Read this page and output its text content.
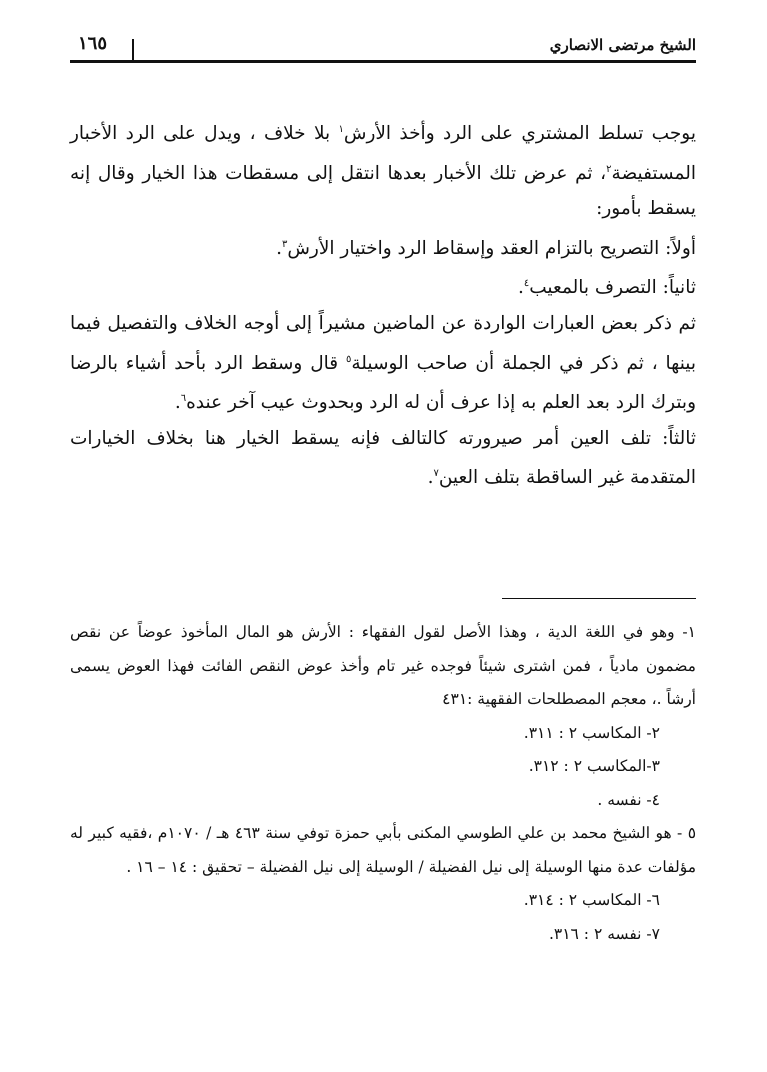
الشيخ مرتضى الانصاري
١٦٥

يوجب تسلط المشتري على الرد وأخذ الأرش$^١$ بلا خلاف ، ويدل على الرد الأخبار المستفيضة$^٢$، ثم عرض تلك الأخبار بعدها انتقل إلى مسقطات هذا الخيار وقال إنه يسقط بأمور:

أولاً: التصريح بالتزام العقد وإسقاط الرد واختيار الأرش$^٣$.

ثانياً: التصرف بالمعيب$^٤$.

ثم ذكر بعض العبارات الواردة عن الماضين مشيراً إلى أوجه الخلاف والتفصيل فيما بينها ، ثم ذكر في الجملة أن صاحب الوسيلة$^٥$ قال وسقط الرد بأحد أشياء بالرضا وبترك الرد بعد العلم به إذا عرف أن له الرد وبحدوث عيب آخر عنده$^٦$.

ثالثاً: تلف العين أمر صيرورته كالتالف فإنه يسقط الخيار هنا بخلاف الخيارات المتقدمة غير الساقطة بتلف العين$^٧$.

١- وهو في اللغة الدية ، وهذا الأصل لقول الفقهاء : الأرش هو المال المأخوذ عوضاً عن نقص مضمون مادياً ، فمن اشترى شيئاً فوجده غير تام وأخذ عوض النقص الفائت فهذا العوض يسمى أرشاً .، معجم المصطلحات الفقهية :٤٣١

٢- المكاسب ٢ : ٣١١.

٣-المكاسب ٢ : ٣١٢.

٤- نفسه .

٥ - هو الشيخ محمد بن علي الطوسي المكنى بأبي حمزة توفي سنة ٤٦٣ هـ / ١٠٧٠م ،فقيه كبير له مؤلفات عدة منها الوسيلة إلى نيل الفضيلة / الوسيلة إلى نيل الفضيلة – تحقيق : ١٤ – ١٦ .

٦- المكاسب ٢ : ٣١٤.

٧- نفسه ٢ : ٣١٦.
